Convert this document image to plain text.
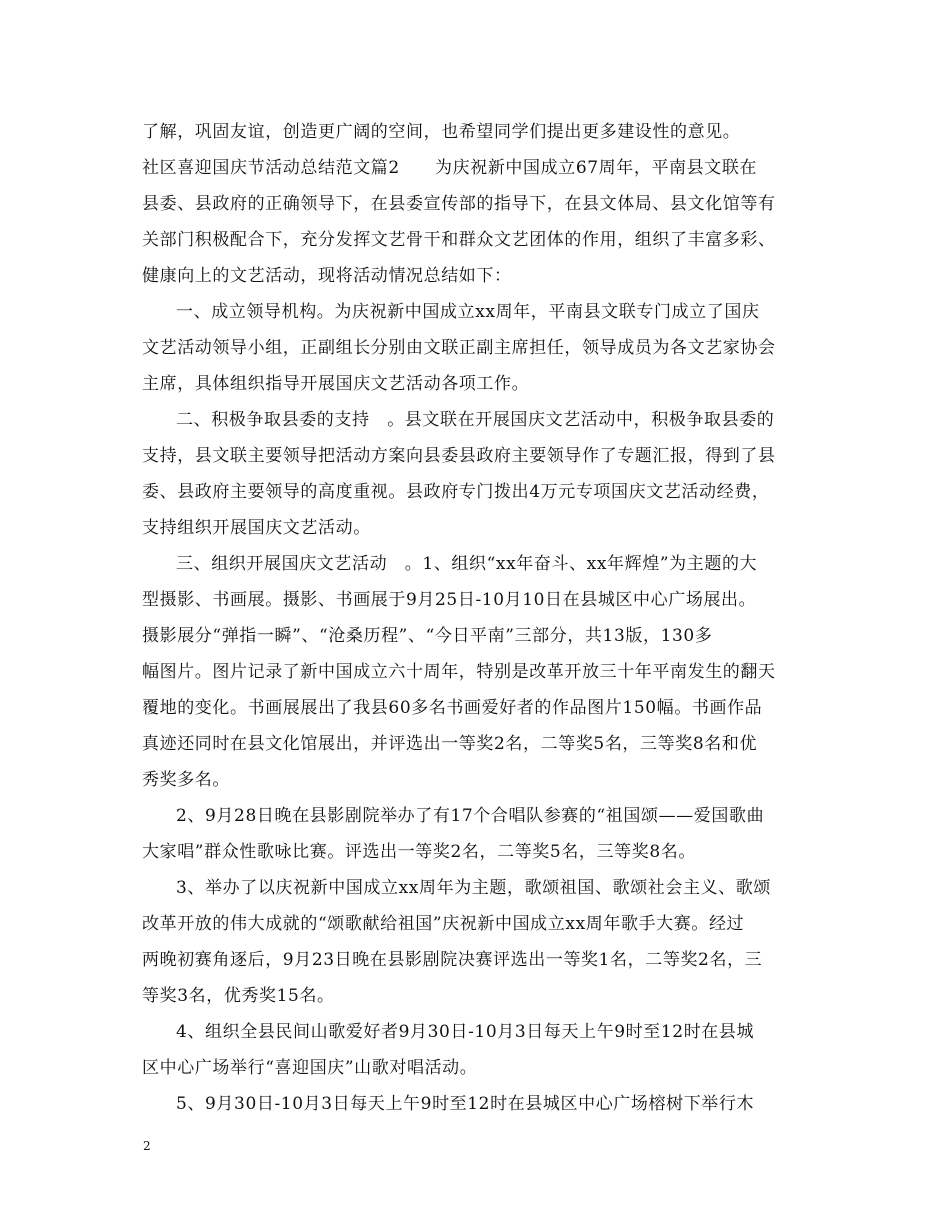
了解，巩固友谊，创造更广阔的空间，也希望同学们提出更多建设性的意见。
社区喜迎国庆节活动总结范文篇2　　为庆祝新中国成立67周年，平南县文联在
县委、县政府的正确领导下，在县委宣传部的指导下，在县文体局、县文化馆等有
关部门积极配合下，充分发挥文艺骨干和群众文艺团体的作用，组织了丰富多彩、
健康向上的文艺活动，现将活动情况总结如下：
一、成立领导机构。为庆祝新中国成立xx周年，平南县文联专门成立了国庆
文艺活动领导小组，正副组长分别由文联正副主席担任，领导成员为各文艺家协会
主席，具体组织指导开展国庆文艺活动各项工作。
二、积极争取县委的支持　。县文联在开展国庆文艺活动中，积极争取县委的
支持，县文联主要领导把活动方案向县委县政府主要领导作了专题汇报，得到了县
委、县政府主要领导的高度重视。县政府专门拨出4万元专项国庆文艺活动经费，
支持组织开展国庆文艺活动。
三、组织开展国庆文艺活动　。1、组织“xx年奋斗、xx年辉煌”为主题的大
型摄影、书画展。摄影、书画展于9月25日-10月10日在县城区中心广场展出。
摄影展分“弹指一瞬”、“沧桑历程”、“今日平南”三部分，共13版，130多
幅图片。图片记录了新中国成立六十周年，特别是改革开放三十年平南发生的翻天
覆地的变化。书画展展出了我县60多名书画爱好者的作品图片150幅。书画作品
真迹还同时在县文化馆展出，并评选出一等奖2名，二等奖5名，三等奖8名和优
秀奖多名。
2、9月28日晚在县影剧院举办了有17个合唱队参赛的“祖国颂——爱国歌曲
大家唱”群众性歌咏比赛。评选出一等奖2名，二等奖5名，三等奖8名。
3、举办了以庆祝新中国成立xx周年为主题，歌颂祖国、歌颂社会主义、歌颂
改革开放的伟大成就的“颂歌献给祖国”庆祝新中国成立xx周年歌手大赛。经过
两晚初赛角逐后，9月23日晚在县影剧院决赛评选出一等奖1名，二等奖2名，三
等奖3名，优秀奖15名。
4、组织全县民间山歌爱好者9月30日-10月3日每天上午9时至12时在县城
区中心广场举行“喜迎国庆”山歌对唱活动。
5、9月30日-10月3日每天上午9时至12时在县城区中心广场榕树下举行木
2
